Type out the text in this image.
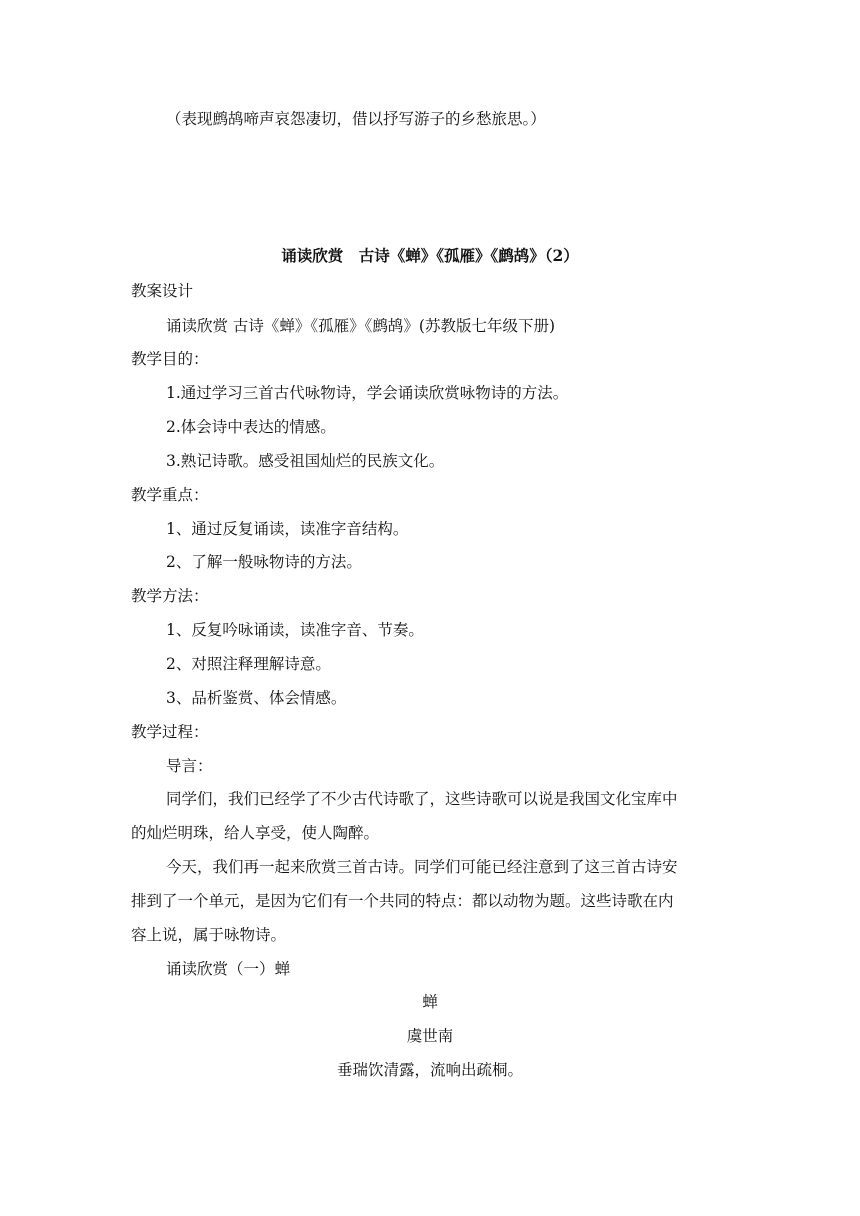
（表现鹧鸪啼声哀怨凄切，借以抒写游子的乡愁旅思。）
诵读欣赏　古诗《蝉》《孤雁》《鹧鸪》（2）
教案设计
诵读欣赏 古诗《蝉》《孤雁》《鹧鸪》(苏教版七年级下册)
教学目的：
1.通过学习三首古代咏物诗，学会诵读欣赏咏物诗的方法。
2.体会诗中表达的情感。
3.熟记诗歌。感受祖国灿烂的民族文化。
教学重点：
1、通过反复诵读，读准字音结构。
2、了解一般咏物诗的方法。
教学方法：
1、反复吟咏诵读，读准字音、节奏。
2、对照注释理解诗意。
3、品析鉴赏、体会情感。
教学过程：
导言：
同学们，我们已经学了不少古代诗歌了，这些诗歌可以说是我国文化宝库中
的灿烂明珠，给人享受，使人陶醉。
今天，我们再一起来欣赏三首古诗。同学们可能已经注意到了这三首古诗安
排到了一个单元，是因为它们有一个共同的特点：都以动物为题。这些诗歌在内
容上说，属于咏物诗。
诵读欣赏（一）蝉
蝉
虞世南
垂瑞饮清露，流响出疏桐。
